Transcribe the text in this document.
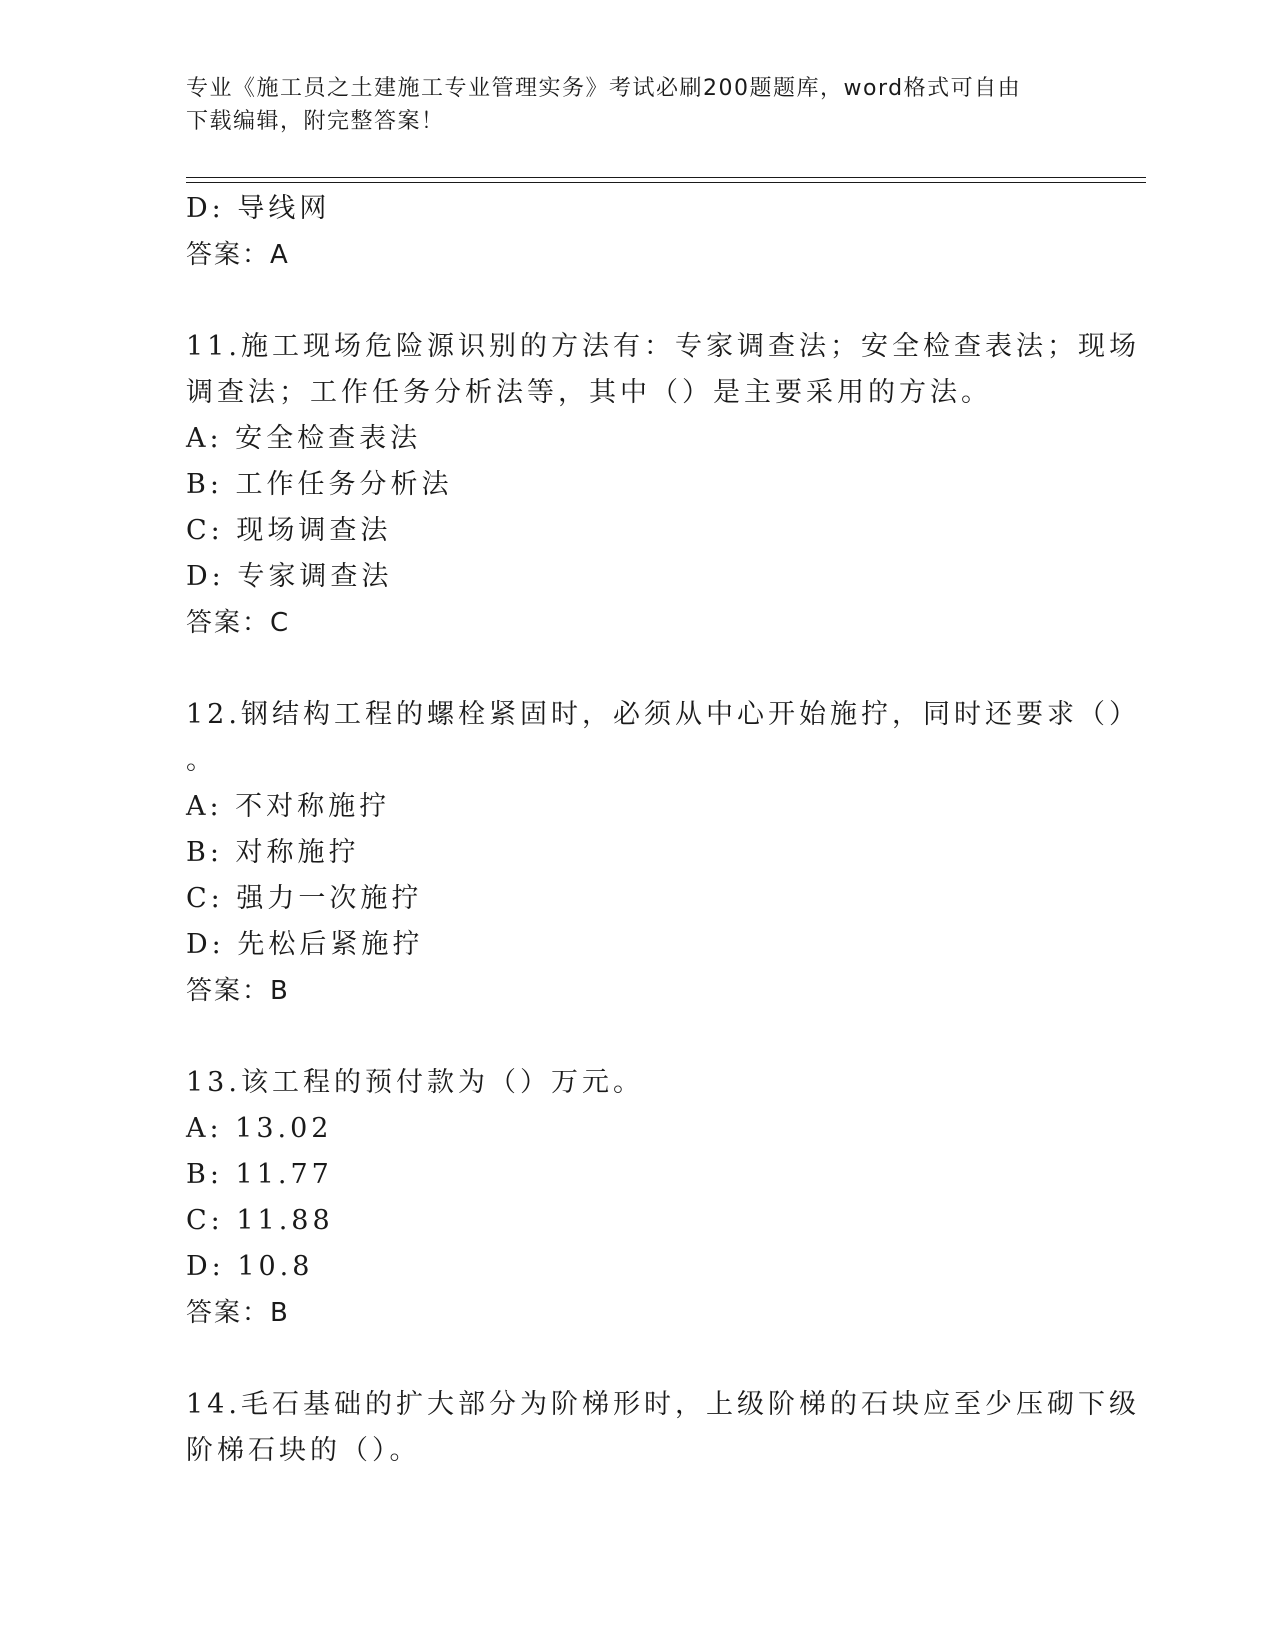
专业《施工员之土建施工专业管理实务》考试必刷200题题库，word格式可自由
下载编辑，附完整答案！
D: 导线网
答案：A
11.施工现场危险源识别的方法有：专家调查法；安全检查表法；现场
调查法；工作任务分析法等，其中（）是主要采用的方法。
A: 安全检查表法
B: 工作任务分析法
C: 现场调查法
D: 专家调查法
答案：C
12.钢结构工程的螺栓紧固时，必须从中心开始施拧，同时还要求（）
。
A: 不对称施拧
B: 对称施拧
C: 强力一次施拧
D: 先松后紧施拧
答案：B
13.该工程的预付款为（）万元。
A: 13.02
B: 11.77
C: 11.88
D: 10.8
答案：B
14.毛石基础的扩大部分为阶梯形时，上级阶梯的石块应至少压砌下级
阶梯石块的（）。
